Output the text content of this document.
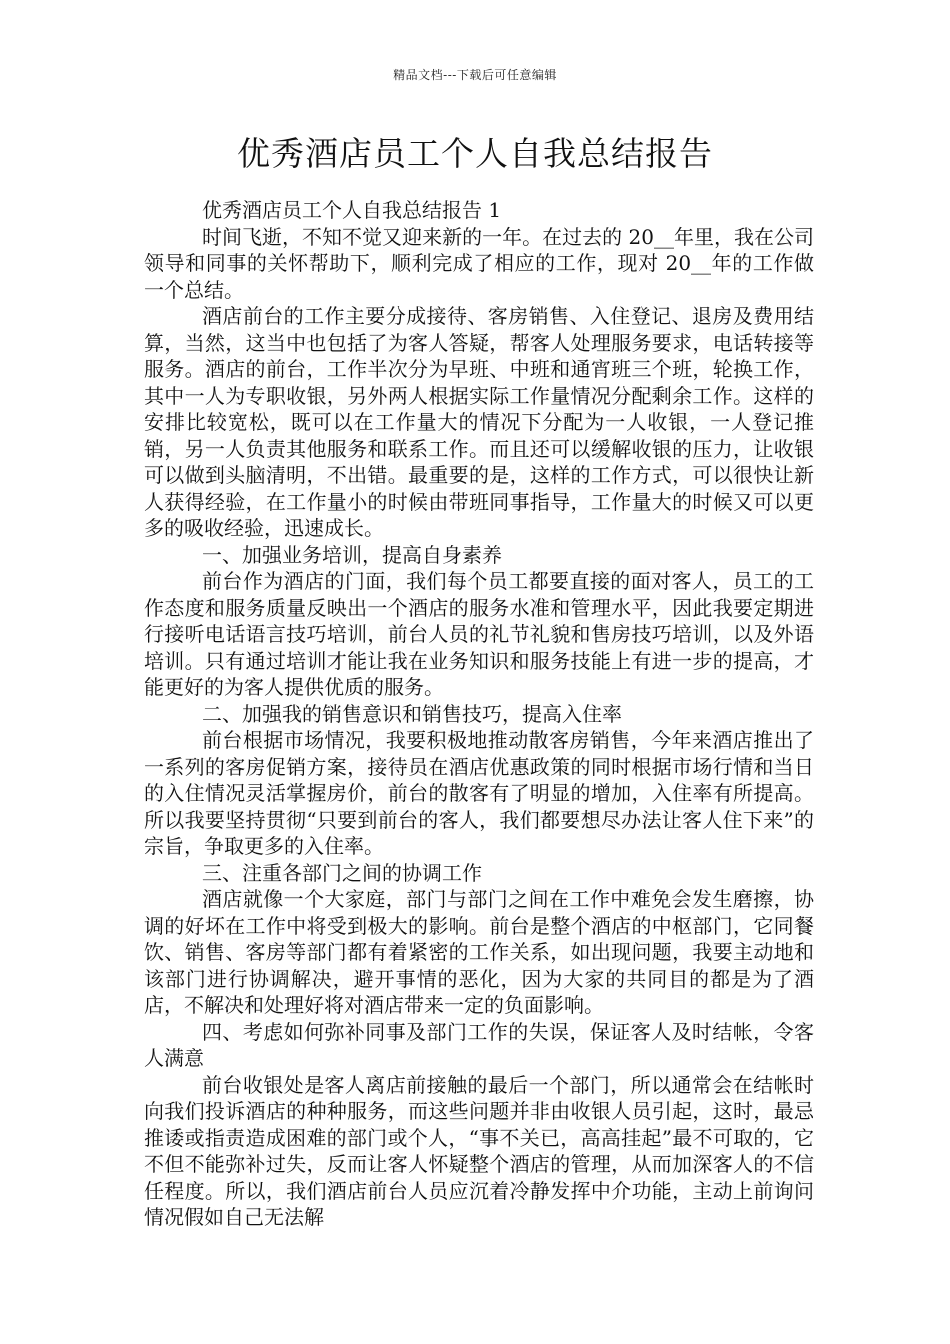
精品文档---下载后可任意编辑
优秀酒店员工个人自我总结报告

优秀酒店员工个人自我总结报告 1

时间飞逝，不知不觉又迎来新的一年。在过去的 20__年里，我在公司领导和同事的关怀帮助下，顺利完成了相应的工作，现对 20__年的工作做一个总结。

酒店前台的工作主要分成接待、客房销售、入住登记、退房及费用结算，当然，这当中也包括了为客人答疑，帮客人处理服务要求，电话转接等服务。酒店的前台，工作半次分为早班、中班和通宵班三个班，轮换工作，其中一人为专职收银，另外两人根据实际工作量情况分配剩余工作。这样的安排比较宽松，既可以在工作量大的情况下分配为一人收银，一人登记推销，另一人负责其他服务和联系工作。而且还可以缓解收银的压力，让收银可以做到头脑清明，不出错。最重要的是，这样的工作方式，可以很快让新人获得经验，在工作量小的时候由带班同事指导，工作量大的时候又可以更多的吸收经验，迅速成长。

一、加强业务培训，提高自身素养

前台作为酒店的门面，我们每个员工都要直接的面对客人，员工的工作态度和服务质量反映出一个酒店的服务水准和管理水平，因此我要定期进行接听电话语言技巧培训，前台人员的礼节礼貌和售房技巧培训，以及外语培训。只有通过培训才能让我在业务知识和服务技能上有进一步的提高，才能更好的为客人提供优质的服务。

二、加强我的销售意识和销售技巧，提高入住率

前台根据市场情况，我要积极地推动散客房销售，今年来酒店推出了一系列的客房促销方案，接待员在酒店优惠政策的同时根据市场行情和当日的入住情况灵活掌握房价，前台的散客有了明显的增加，入住率有所提高。所以我要坚持贯彻“只要到前台的客人，我们都要想尽办法让客人住下来”的宗旨，争取更多的入住率。

三、注重各部门之间的协调工作

酒店就像一个大家庭，部门与部门之间在工作中难免会发生磨擦，协调的好坏在工作中将受到极大的影响。前台是整个酒店的中枢部门，它同餐饮、销售、客房等部门都有着紧密的工作关系，如出现问题，我要主动地和该部门进行协调解决，避开事情的恶化，因为大家的共同目的都是为了酒店，不解决和处理好将对酒店带来一定的负面影响。

四、考虑如何弥补同事及部门工作的失误，保证客人及时结帐，令客人满意

前台收银处是客人离店前接触的最后一个部门，所以通常会在结帐时向我们投诉酒店的种种服务，而这些问题并非由收银人员引起，这时，最忌推诿或指责造成困难的部门或个人，“事不关已，高高挂起”最不可取的，它不但不能弥补过失，反而让客人怀疑整个酒店的管理，从而加深客人的不信任程度。所以，我们酒店前台人员应沉着冷静发挥中介功能，主动上前询问情况假如自己无法解
